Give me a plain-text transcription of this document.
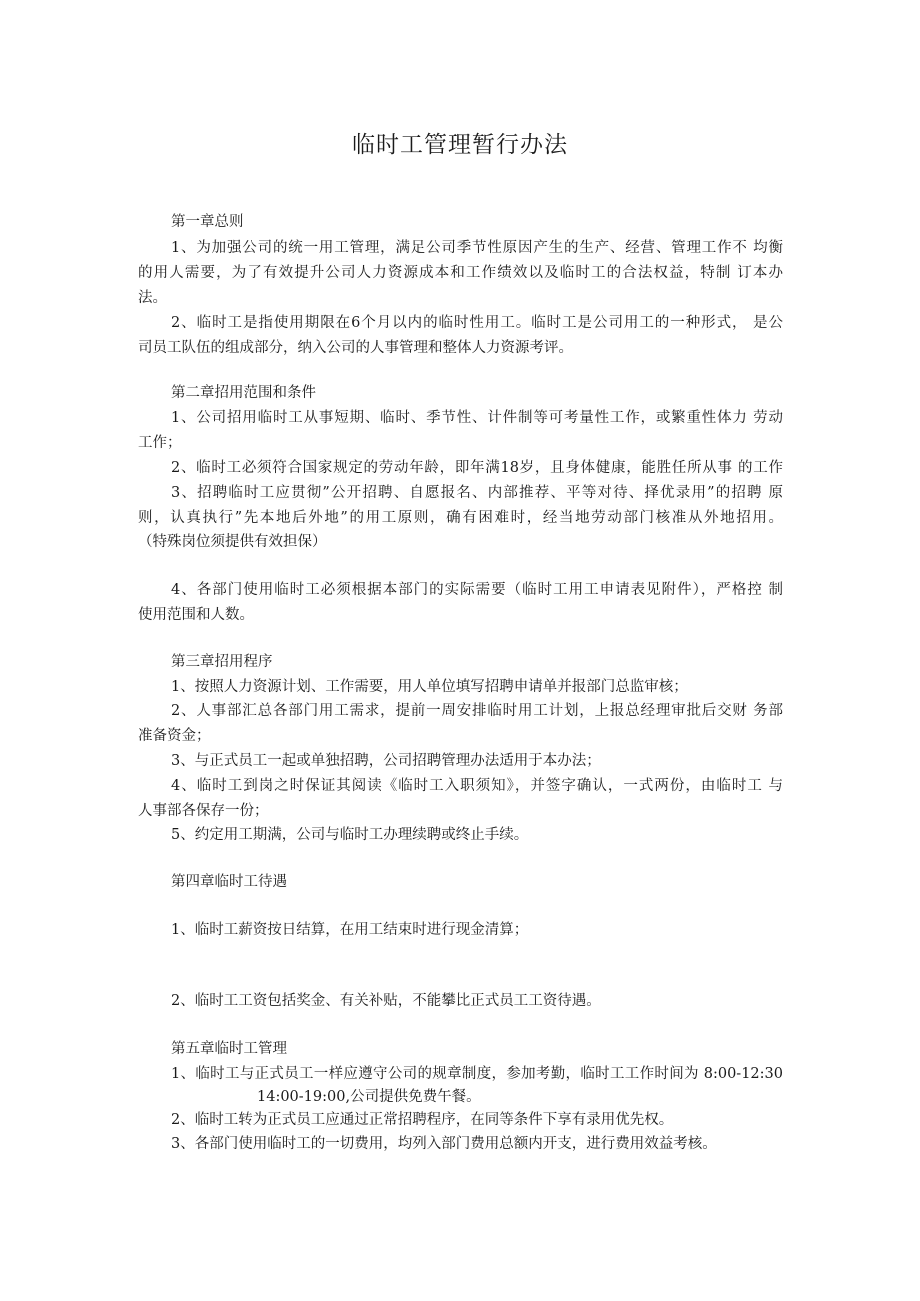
临时工管理暂行办法
第一章总则
1、为加强公司的统一用工管理，满足公司季节性原因产生的生产、经营、管理工作不 均衡
的用人需要，为了有效提升公司人力资源成本和工作绩效以及临时工的合法权益，特制 订本办
法。
2、临时工是指使用期限在6个月以内的临时性用工。临时工是公司用工的一种形式， 是公
司员工队伍的组成部分，纳入公司的人事管理和整体人力资源考评。
第二章招用范围和条件
1、公司招用临时工从事短期、临时、季节性、计件制等可考量性工作，或繁重性体力 劳动
工作；
2、临时工必须符合国家规定的劳动年龄，即年满18岁，且身体健康，能胜任所从事 的工作
3、招聘临时工应贯彻”公开招聘、自愿报名、内部推荐、平等对待、择优录用”的招聘 原
则，认真执行”先本地后外地”的用工原则，确有困难时，经当地劳动部门核准从外地招用。
（特殊岗位须提供有效担保）
4、各部门使用临时工必须根据本部门的实际需要（临时工用工申请表见附件），严格控 制
使用范围和人数。
第三章招用程序
1、按照人力资源计划、工作需要，用人单位填写招聘申请单并报部门总监审核；
2、人事部汇总各部门用工需求，提前一周安排临时用工计划，上报总经理审批后交财 务部
准备资金；
3、与正式员工一起或单独招聘，公司招聘管理办法适用于本办法；
4、临时工到岗之时保证其阅读《临时工入职须知》，并签字确认，一式两份，由临时工 与
人事部各保存一份；
5、约定用工期满，公司与临时工办理续聘或终止手续。
第四章临时工待遇
1、临时工薪资按日结算，在用工结束时进行现金清算；
2、临时工工资包括奖金、有关补贴，不能攀比正式员工工资待遇。
第五章临时工管理
1、临时工与正式员工一样应遵守公司的规章制度，参加考勤，临时工工作时间为 8:00-12:30
14:00-19:00,公司提供免费午餐。
2、临时工转为正式员工应通过正常招聘程序，在同等条件下享有录用优先权。
3、各部门使用临时工的一切费用，均列入部门费用总额内开支，进行费用效益考核。
